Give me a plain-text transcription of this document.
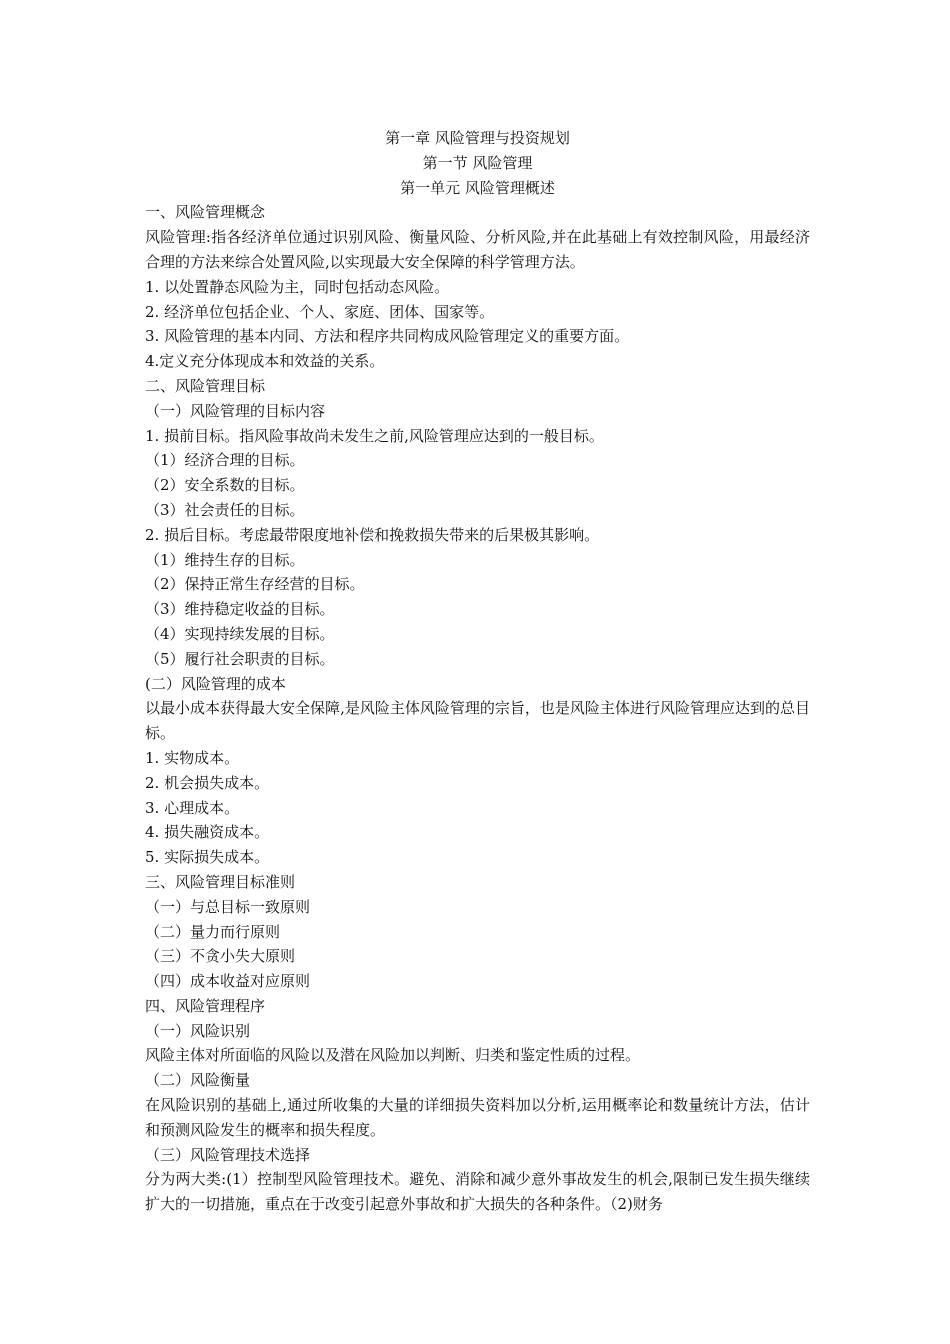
第一章 风险管理与投资规划

第一节 风险管理

第一单元 风险管理概述

一、风险管理概念

风险管理:指各经济单位通过识别风险、衡量风险、分析风险,并在此基础上有效控制风险，用最经济合理的方法来综合处置风险,以实现最大安全保障的科学管理方法。

1. 以处置静态风险为主，同时包括动态风险。

2. 经济单位包括企业、个人、家庭、团体、国家等。

3. 风险管理的基本内同、方法和程序共同构成风险管理定义的重要方面。

4.定义充分体现成本和效益的关系。

二、风险管理目标

（一）风险管理的目标内容

1. 损前目标。指风险事故尚未发生之前,风险管理应达到的一般目标。

（1）经济合理的目标。

（2）安全系数的目标。

（3）社会责任的目标。

2. 损后目标。考虑最带限度地补偿和挽救损失带来的后果极其影响。

（1）维持生存的目标。

（2）保持正常生存经营的目标。

（3）维持稳定收益的目标。

（4）实现持续发展的目标。

（5）履行社会职责的目标。

(二）风险管理的成本

以最小成本获得最大安全保障,是风险主体风险管理的宗旨，也是风险主体进行风险管理应达到的总目标。

1. 实物成本。

2. 机会损失成本。

3. 心理成本。

4. 损失融资成本。

5. 实际损失成本。

三、风险管理目标准则

（一）与总目标一致原则

（二）量力而行原则

（三）不贪小失大原则

（四）成本收益对应原则

四、风险管理程序

（一）风险识别

风险主体对所面临的风险以及潜在风险加以判断、归类和鉴定性质的过程。

（二）风险衡量

在风险识别的基础上,通过所收集的大量的详细损失资料加以分析,运用概率论和数量统计方法，估计和预测风险发生的概率和损失程度。

（三）风险管理技术选择

分为两大类:(1）控制型风险管理技术。避免、消除和减少意外事故发生的机会,限制已发生损失继续扩大的一切措施，重点在于改变引起意外事故和扩大损失的各种条件。（2)财务
